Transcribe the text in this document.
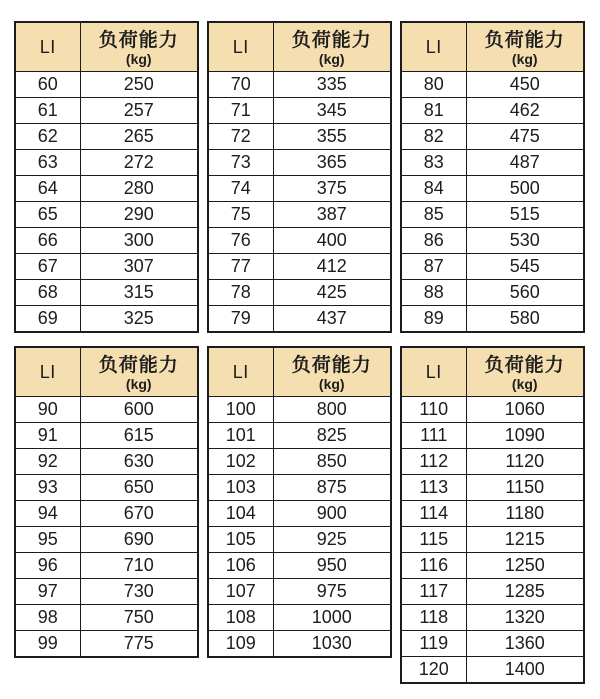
LI	负荷能力
(kg)

60	250
61	257
62	265
63	272
64	280
65	290
66	300
67	307
68	315
69	325
LI	负荷能力
(kg)

70	335
71	345
72	355
73	365
74	375
75	387
76	400
77	412
78	425
79	437
LI	负荷能力
(kg)

80	450
81	462
82	475
83	487
84	500
85	515
86	530
87	545
88	560
89	580
LI	负荷能力
(kg)

90	600
91	615
92	630
93	650
94	670
95	690
96	710
97	730
98	750
99	775
LI	负荷能力
(kg)

100	800
101	825
102	850
103	875
104	900
105	925
106	950
107	975
108	1000
109	1030
LI	负荷能力
(kg)

110	1060
111	1090
112	1120
113	1150
114	1180
115	1215
116	1250
117	1285
118	1320
119	1360
120	1400
